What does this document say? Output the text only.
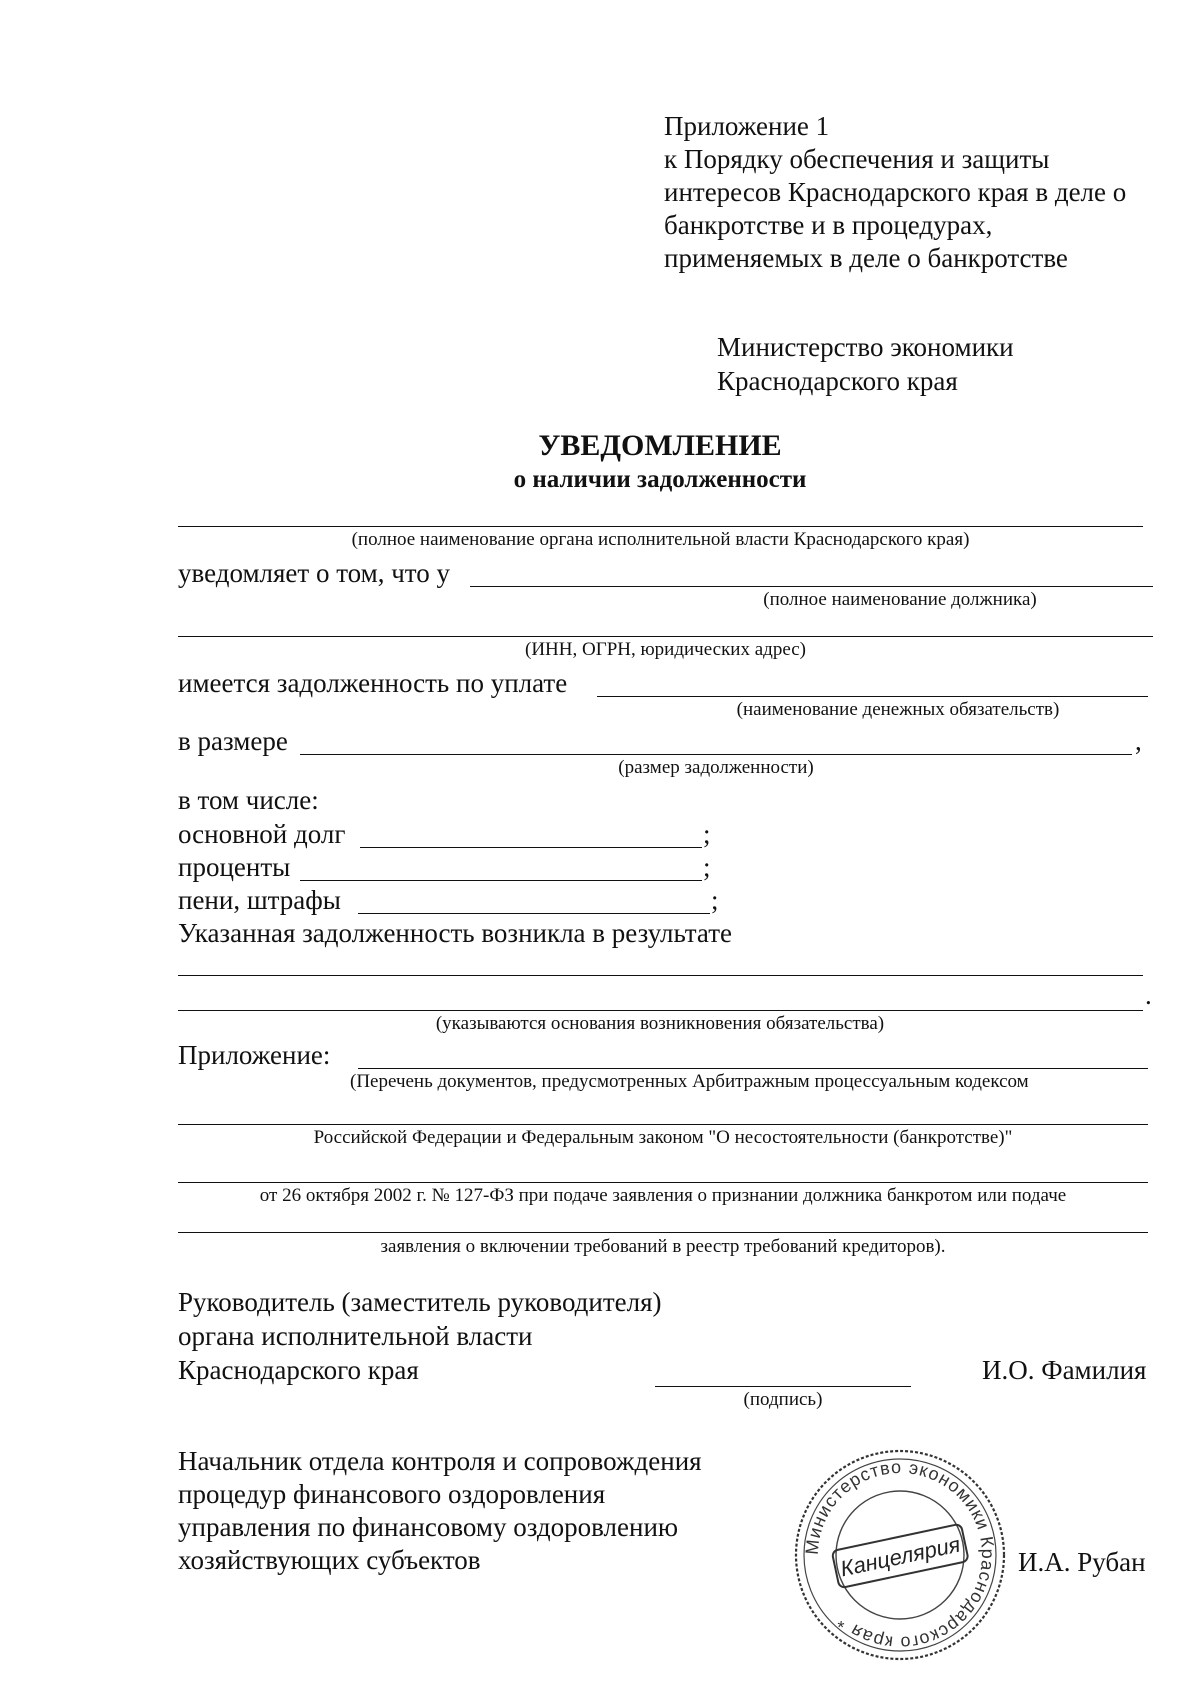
Приложение 1
к Порядку обеспечения и защиты
интересов Краснодарского края в деле о
банкротстве и в процедурах,
применяемых в деле о банкротстве
Министерство экономики
Краснодарского края
УВЕДОМЛЕНИЕ
о наличии задолженности
(полное наименование органа исполнительной власти Краснодарского края)
уведомляет о том, что у
(полное наименование должника)
(ИНН, ОГРН, юридических адрес)
имеется задолженность по уплате
(наименование денежных обязательств)
в размере	,
(размер задолженности)
в том числе:
основной долг	;
проценты	;
пени, штрафы	;
Указанная задолженность возникла в результате
.
(указываются основания возникновения обязательства)
Приложение:
(Перечень документов, предусмотренных Арбитражным процессуальным кодексом
Российской Федерации и Федеральным законом "О несостоятельности (банкротстве)"
от 26 октября 2002 г. № 127-ФЗ при подаче заявления о признании должника банкротом или подаче
заявления о включении требований в реестр требований кредиторов).
Руководитель (заместитель руководителя)
органа исполнительной власти
Краснодарского края
(подпись)
И.О. Фамилия
Начальник отдела контроля и сопровождения
процедур финансового оздоровления
управления по финансовому оздоровлению
хозяйствующих субъектов	И.А. Рубан
Министерство экономики Краснодарского края *
Канцелярия
